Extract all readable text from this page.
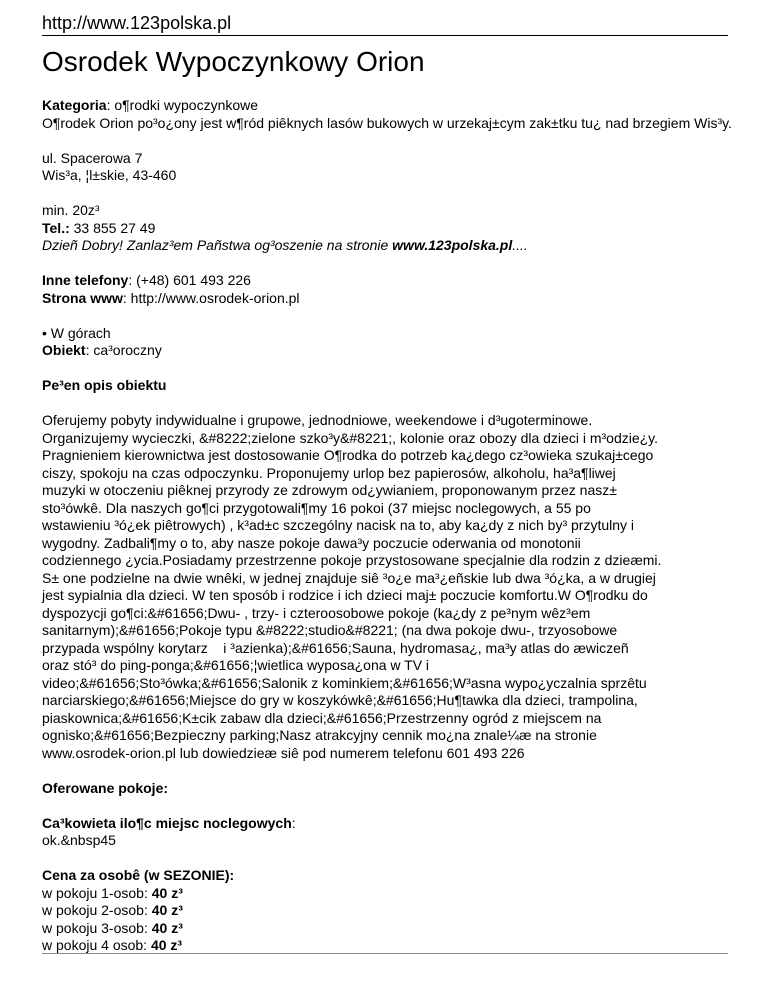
http://www.123polska.pl
Osrodek Wypoczynkowy Orion

Kategoria: o¶rodki wypoczynkowe

O¶rodek Orion po³o¿ony jest w¶ród piêknych lasów bukowych w urzekaj±cym zak±tku tu¿ nad brzegiem Wis³y.

ul. Spacerowa 7

Wis³a, ¦l±skie, 43-460

min. 20z³

Tel.: 33 855 27 49

Dzieñ Dobry! Zanlaz³em Pañstwa og³oszenie na stronie www.123polska.pl....

Inne telefony: (+48) 601 493 226

Strona www: http://www.osrodek-orion.pl

• W górach

Obiekt: ca³oroczny

Pe³en opis obiektu

Oferujemy pobyty indywidualne i grupowe, jednodniowe, weekendowe i d³ugoterminowe.

Organizujemy wycieczki, &#8222;zielone szko³y&#8221;, kolonie oraz obozy dla dzieci i m³odzie¿y.

Pragnieniem kierownictwa jest dostosowanie O¶rodka do potrzeb ka¿dego cz³owieka szukaj±cego

ciszy, spokoju na czas odpoczynku. Proponujemy urlop bez papierosów, alkoholu, ha³a¶liwej

muzyki w otoczeniu piêknej przyrody ze zdrowym od¿ywianiem, proponowanym przez nasz±

sto³ówkê. Dla naszych go¶ci przygotowali¶my 16 pokoi (37 miejsc noclegowych, a 55 po

wstawieniu ³ó¿ek piêtrowych) , k³ad±c szczególny nacisk na to, aby ka¿dy z nich by³ przytulny i

wygodny. Zadbali¶my o to, aby nasze pokoje dawa³y poczucie oderwania od monotonii

codziennego ¿ycia.Posiadamy przestrzenne pokoje przystosowane specjalnie dla rodzin z dzieæmi.

S± one podzielne na dwie wnêki, w jednej znajduje siê ³o¿e ma³¿eñskie lub dwa ³ó¿ka, a w drugiej

jest sypialnia dla dzieci. W ten sposób i rodzice i ich dzieci maj± poczucie komfortu.W O¶rodku do

dyspozycji go¶ci:&#61656;Dwu- , trzy- i czteroosobowe pokoje (ka¿dy z pe³nym wêz³em

sanitarnym);&#61656;Pokoje typu &#8222;studio&#8221; (na dwa pokoje dwu-, trzyosobowe

przypada wspólny korytarz    i ³azienka);&#61656;Sauna, hydromasa¿, ma³y atlas do æwiczeñ

oraz stó³ do ping-ponga;&#61656;¦wietlica wyposa¿ona w TV i

video;&#61656;Sto³ówka;&#61656;Salonik z kominkiem;&#61656;W³asna wypo¿yczalnia sprzêtu

narciarskiego;&#61656;Miejsce do gry w koszykówkê;&#61656;Hu¶tawka dla dzieci, trampolina,

piaskownica;&#61656;K±cik zabaw dla dzieci;&#61656;Przestrzenny ogród z miejscem na

ognisko;&#61656;Bezpieczny parking;Nasz atrakcyjny cennik mo¿na znale¼æ na stronie

www.osrodek-orion.pl lub dowiedzieæ siê pod numerem telefonu 601 493 226

Oferowane pokoje:

Ca³kowieta ilo¶c miejsc noclegowych:

ok.&nbsp45

Cena za osobê (w SEZONIE):

w pokoju 1-osob: 40 z³

w pokoju 2-osob: 40 z³

w pokoju 3-osob: 40 z³

w pokoju 4 osob: 40 z³
